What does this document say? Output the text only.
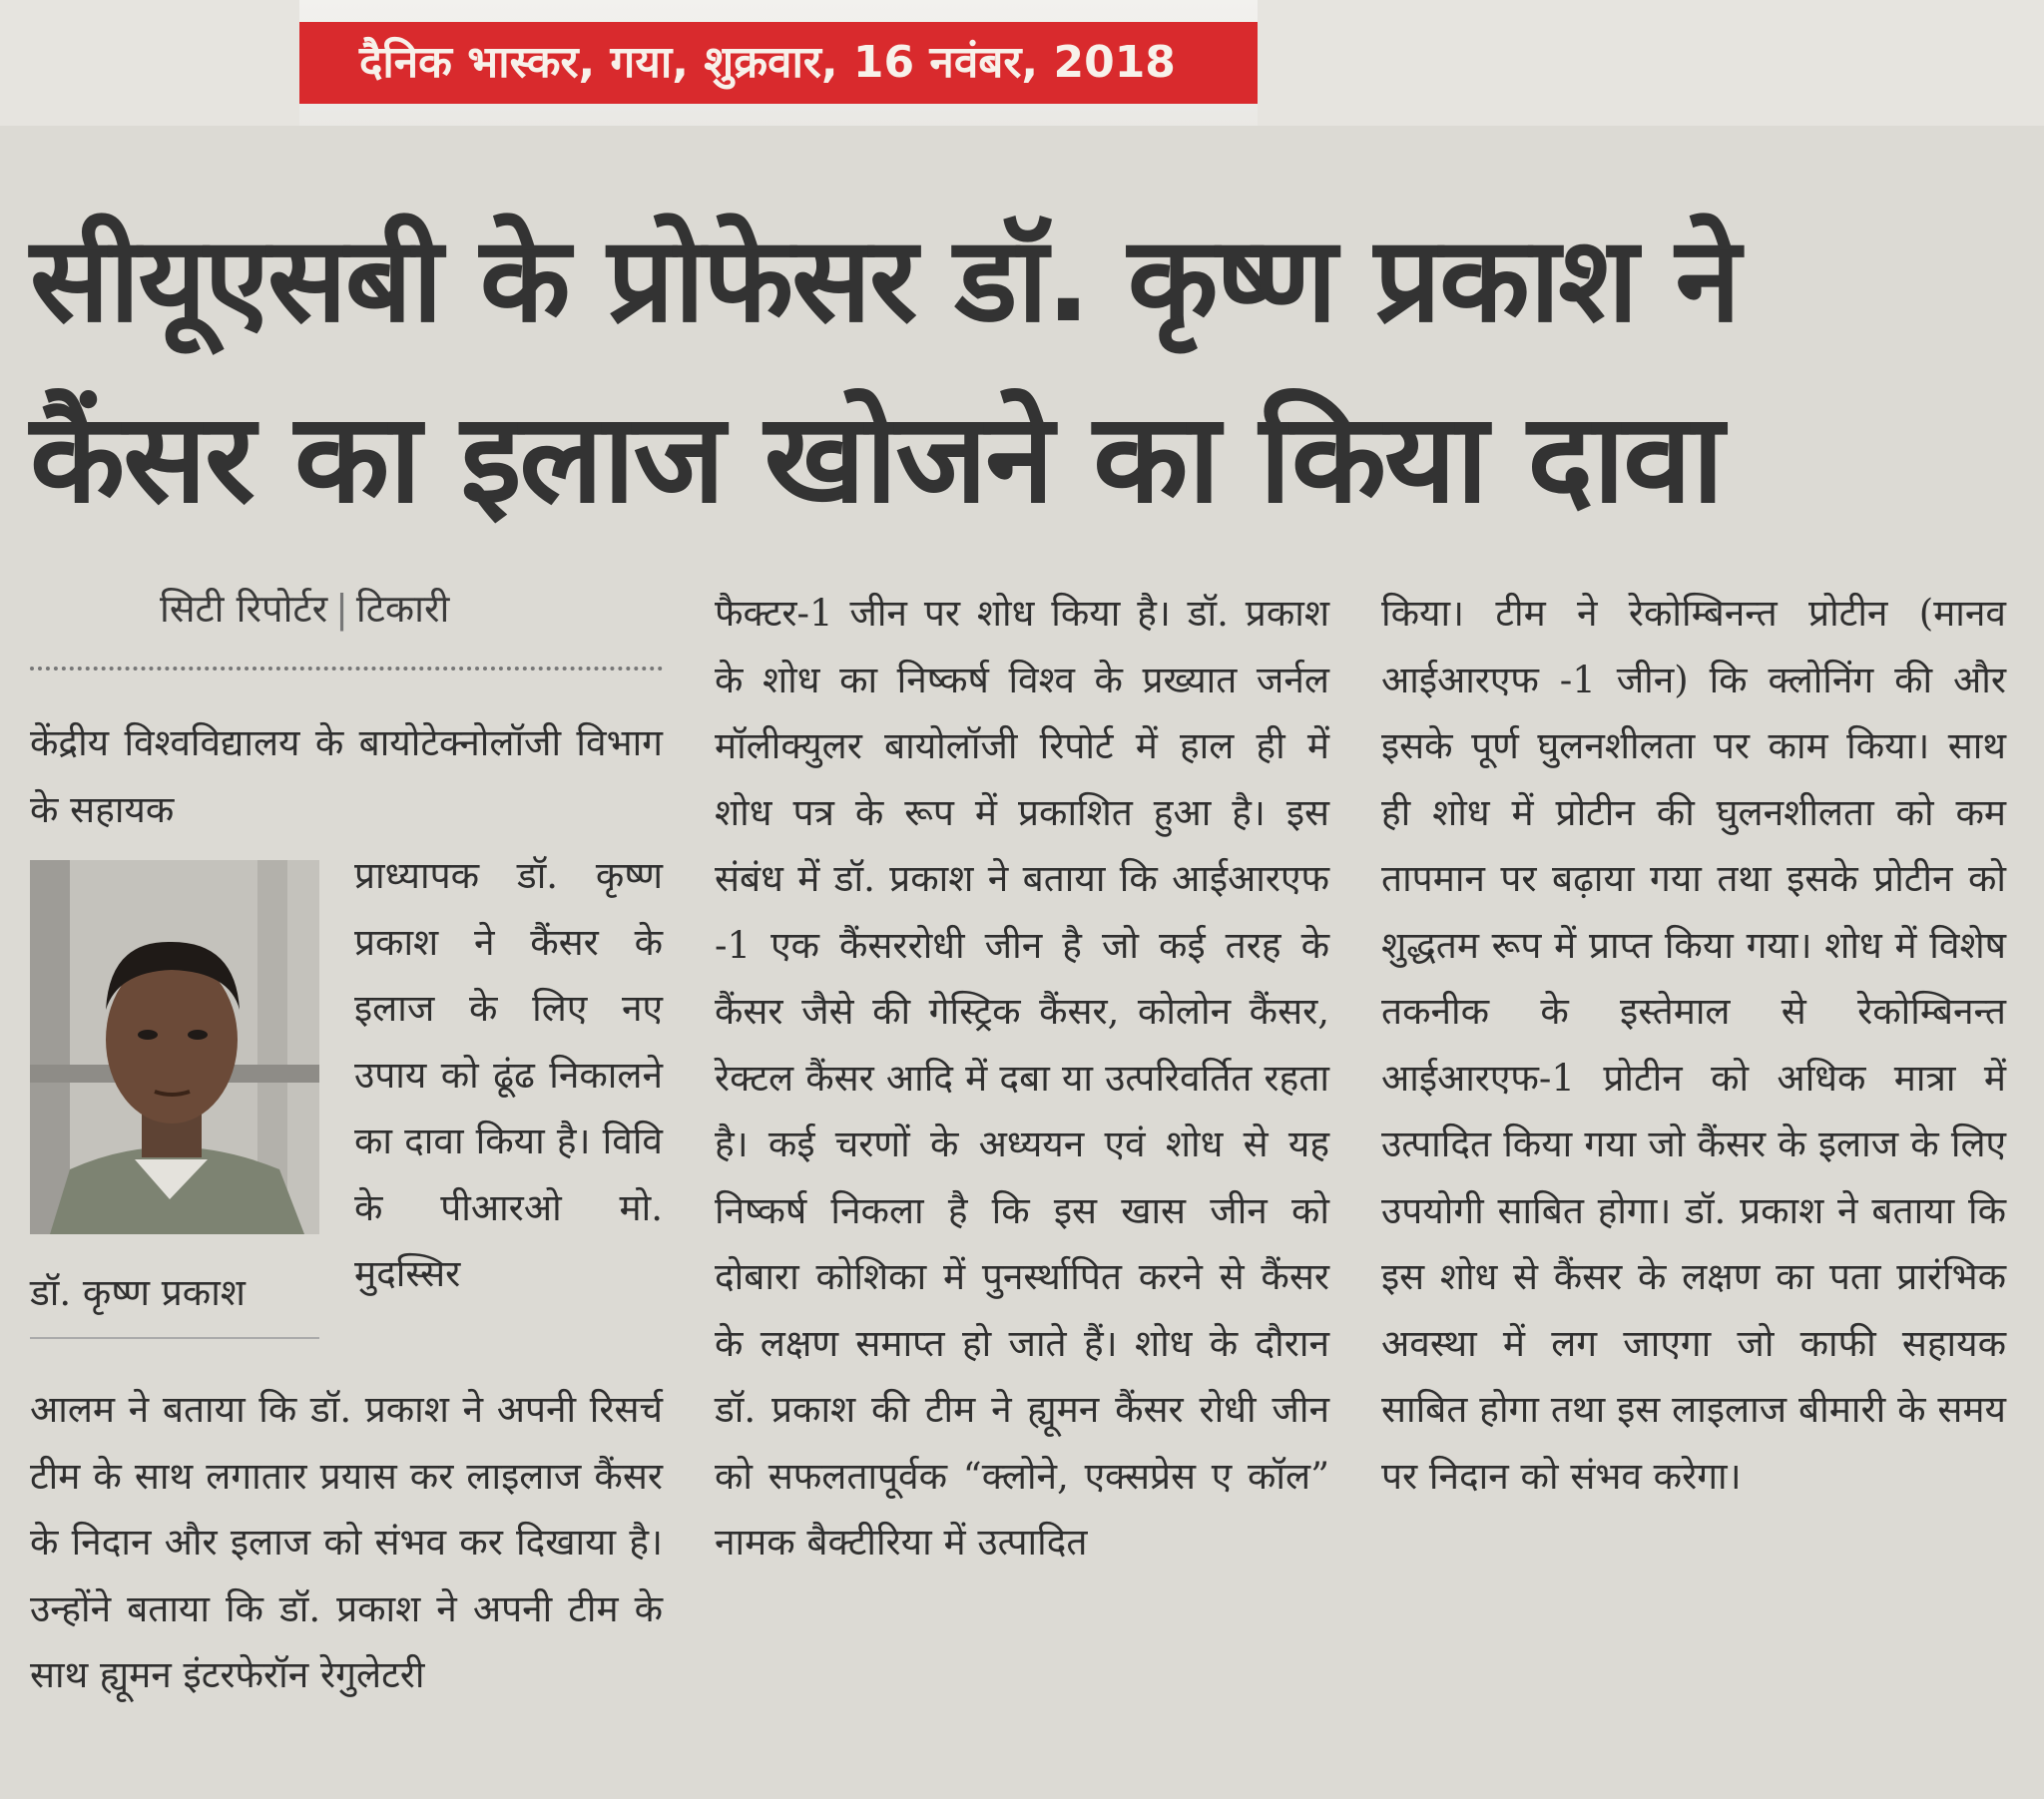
दैनिक भास्कर, गया, शुक्रवार, 16 नवंबर, 2018
सीयूएसबी के प्रोफेसर डॉ. कृष्ण प्रकाश ने
कैंसर का इलाज खोजने का किया दावा
सिटी रिपोर्टर | टिकारी
केंद्रीय विश्वविद्यालय के बायोटेक्नोलॉजी विभाग के सहायक
प्राध्यापक डॉ. कृष्ण प्रकाश ने कैंसर के इलाज के लिए नए उपाय को ढूंढ निकालने का दावा किया है। विवि के पीआरओ मो. मुदस्सिर
डॉ. कृष्ण प्रकाश
आलम ने बताया कि डॉ. प्रकाश ने अपनी रिसर्च टीम के साथ लगातार प्रयास कर लाइलाज कैंसर के निदान और इलाज को संभव कर दिखाया है। उन्होंने बताया कि डॉ. प्रकाश ने अपनी टीम के साथ ह्यूमन इंटरफेरॉन रेगुलेटरी
फैक्टर-1 जीन पर शोध किया है। डॉ. प्रकाश के शोध का निष्कर्ष विश्व के प्रख्यात जर्नल मॉलीक्युलर बायोलॉजी रिपोर्ट में हाल ही में शोध पत्र के रूप में प्रकाशित हुआ है। इस संबंध में डॉ. प्रकाश ने बताया कि आईआरएफ -1 एक कैंसररोधी जीन है जो कई तरह के कैंसर जैसे की गेस्ट्रिक कैंसर, कोलोन कैंसर, रेक्टल कैंसर आदि में दबा या उत्परिवर्तित रहता है। कई चरणों के अध्ययन एवं शोध से यह निष्कर्ष निकला है कि इस खास जीन को दोबारा कोशिका में पुनर्स्थापित करने से कैंसर के लक्षण समाप्त हो जाते हैं। शोध के दौरान डॉ. प्रकाश की टीम ने ह्यूमन कैंसर रोधी जीन को सफलतापूर्वक “क्लोने, एक्सप्रेस ए कॉल” नामक बैक्टीरिया में उत्पादित
किया। टीम ने रेकोम्बिनन्त प्रोटीन (मानव आईआरएफ -1 जीन) कि क्लोनिंग की और इसके पूर्ण घुलनशीलता पर काम किया। साथ ही शोध में प्रोटीन की घुलनशीलता को कम तापमान पर बढ़ाया गया तथा इसके प्रोटीन को शुद्धतम रूप में प्राप्त किया गया। शोध में विशेष तकनीक के इस्तेमाल से रेकोम्बिनन्त आईआरएफ-1 प्रोटीन को अधिक मात्रा में उत्पादित किया गया जो कैंसर के इलाज के लिए उपयोगी साबित होगा। डॉ. प्रकाश ने बताया कि इस शोध से कैंसर के लक्षण का पता प्रारंभिक अवस्था में लग जाएगा जो काफी सहायक साबित होगा तथा इस लाइलाज बीमारी के समय पर निदान को संभव करेगा।
